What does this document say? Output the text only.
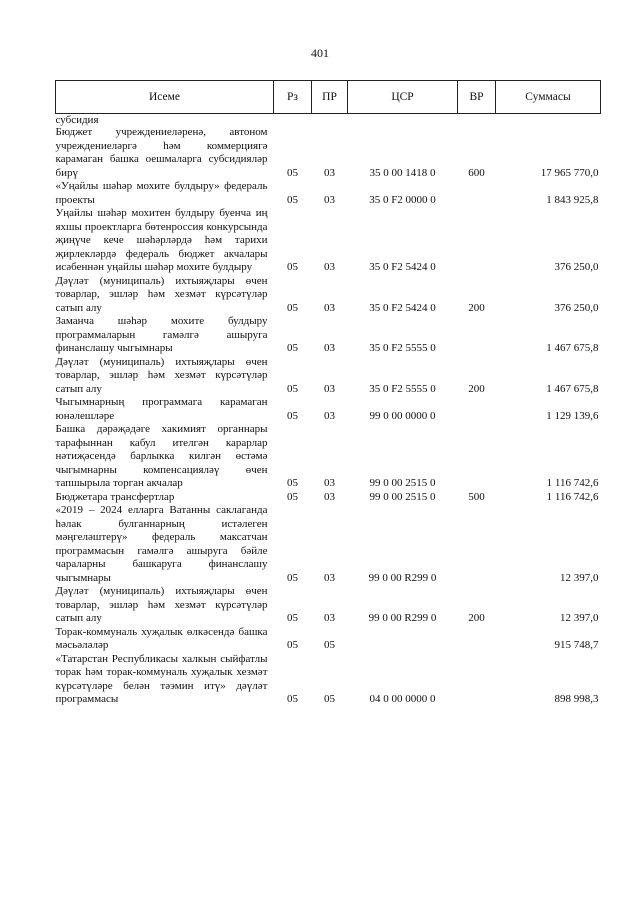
401
Исеме	Рз	ПР	ЦСР	ВР	Суммасы
субсидия					
Бюджет учреждениеләренә, автоном учреждениеләргә һәм коммерциягә карамаган башка оешмаларга субсидияләр бирү	05	03	35 0 00 1418 0	600	17 965 770,0
«Уңайлы шәһәр мохите булдыру» федераль проекты	05	03	35 0 F2 0000 0		1 843 925,8
Уңайлы шәһәр мохитен булдыру буенча иң яхшы проектларга бөтенроссия конкурсында җиңүче кече шәһәрләрдә һәм тарихи җирлекләрдә федераль бюджет акчалары исәбеннән уңайлы шәһәр мохите булдыру	05	03	35 0 F2 5424 0		376 250,0
Дәүләт (муниципаль) ихтыяҗлары өчен товарлар, эшләр һәм хезмәт күрсәтүләр сатып алу	05	03	35 0 F2 5424 0	200	376 250,0
Заманча шәһәр мохите булдыру программаларын гамәлгә ашыруга финанслашу чыгымнары	05	03	35 0 F2 5555 0		1 467 675,8
Дәүләт (муниципаль) ихтыяҗлары өчен товарлар, эшләр һәм хезмәт күрсәтүләр сатып алу	05	03	35 0 F2 5555 0	200	1 467 675,8
Чыгымнарның программага карамаган юнәлешләре	05	03	99 0 00 0000 0		1 129 139,6
Башка дәрәҗәдәге хакимият органнары тарафыннан кабул ителгән карарлар нәтиҗәсендә барлыкка килгән өстәмә чыгымнарны компенсацияләү өчен тапшырыла торган акчалар	05	03	99 0 00 2515 0		1 116 742,6
Бюджетара трансфертлар	05	03	99 0 00 2515 0	500	1 116 742,6
«2019 – 2024 елларга Ватанны саклаганда һәлак булганнарның истәлеген мәңгеләштерү» федераль максатчан программасын гамәлгә ашыруга бәйле чараларны башкаруга финанслашу чыгымнары	05	03	99 0 00 R299 0		12 397,0
Дәүләт (муниципаль) ихтыяҗлары өчен товарлар, эшләр һәм хезмәт күрсәтүләр сатып алу	05	03	99 0 00 R299 0	200	12 397,0
Торак-коммуналь хуҗалык өлкәсендә башка мәсьәләләр	05	05			915 748,7
«Татарстан Республикасы халкын сыйфатлы торак һәм торак-коммуналь хуҗалык хезмәт күрсәтүләре белән тәэмин итү» дәүләт программасы	05	05	04 0 00 0000 0		898 998,3
